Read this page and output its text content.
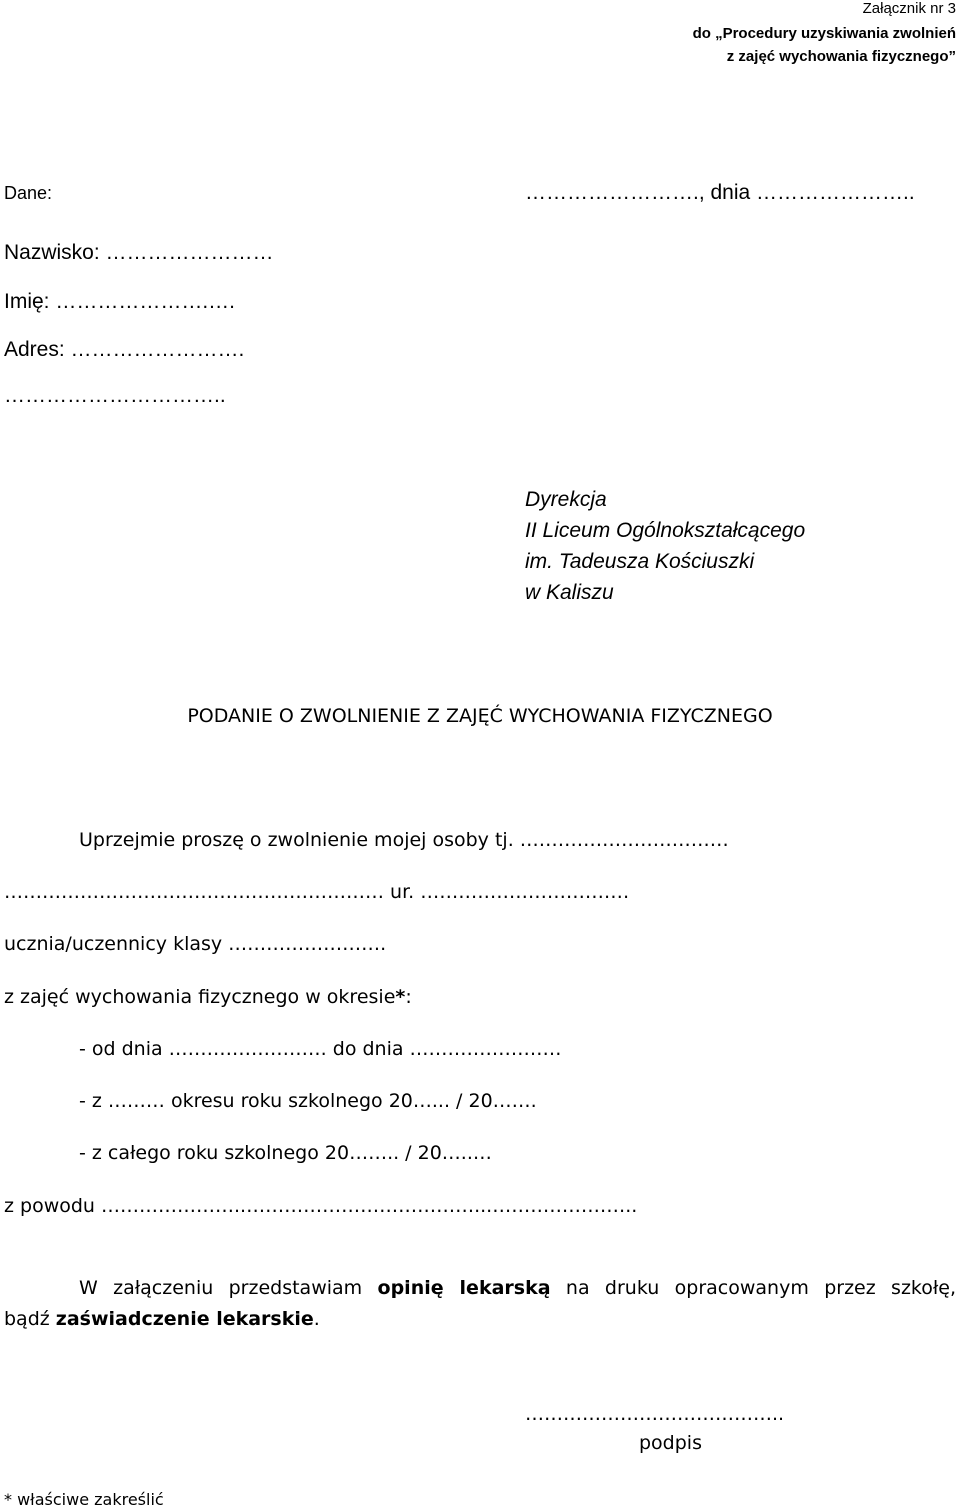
Załącznik nr 3
do „Procedury uzyskiwania zwolnień
z zajęć wychowania fizycznego”
Dane:	……………………., dnia …………………..
Nazwisko: ……………………
Imię: ………………….….
Adres: …………………….
…………………………..
Dyrekcja
II Liceum Ogólnokształcącego
im. Tadeusza Kościuszki
w Kaliszu
PODANIE O ZWOLNIENIE Z ZAJĘĆ WYCHOWANIA FIZYCZNEGO
Uprzejmie proszę o zwolnienie mojej osoby tj. ……………………………
…………………………………………………… ur. ……………………………
ucznia/uczennicy klasy …………………….
z zajęć wychowania fizycznego w okresie*:
- od dnia ……………………. do dnia ……………………
- z ……… okresu roku szkolnego 20…... / 20…….
- z całego roku szkolnego 20…….. / 20…..…
z powodu …………………..………………………………...…………………..
W załączeniu przedstawiam opinię lekarską na druku opracowanym przez szkołę,
bądź zaświadczenie lekarskie.
…………………………………..
podpis
* właściwe zakreślić
